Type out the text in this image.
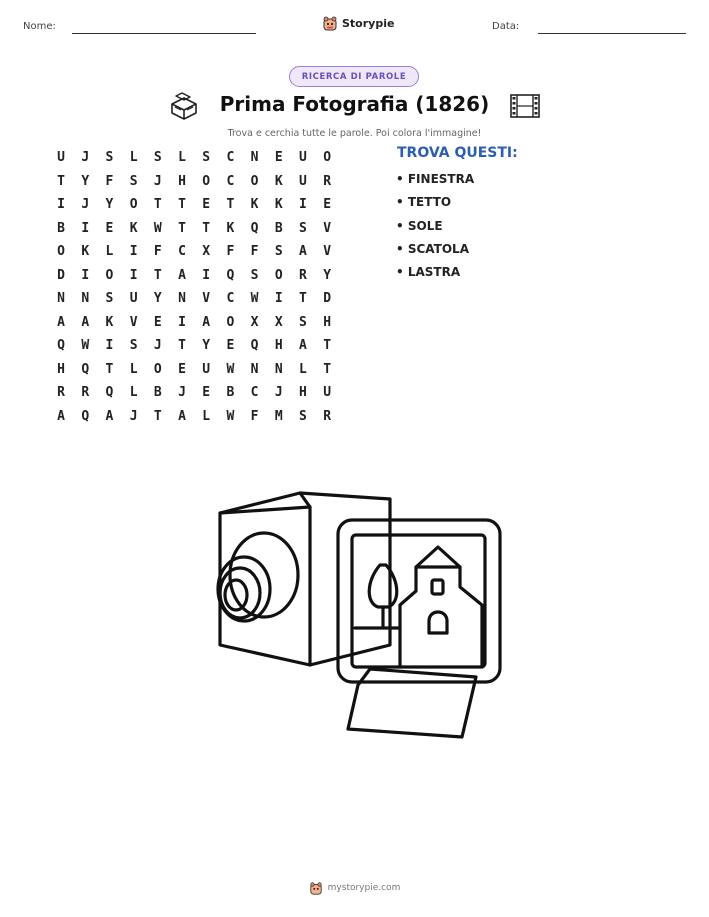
Nome:	Storypie	Data:
RICERCA DI PAROLE
Prima Fotografia (1826)
Trova e cerchia tutte le parole. Poi colora l'immagine!
U	J	S	L	S	L	S	C	N	E	U	O
T	Y	F	S	J	H	O	C	O	K	U	R
I	J	Y	O	T	T	E	T	K	K	I	E
B	I	E	K	W	T	T	K	Q	B	S	V
O	K	L	I	F	C	X	F	F	S	A	V
D	I	O	I	T	A	I	Q	S	O	R	Y
N	N	S	U	Y	N	V	C	W	I	T	D
A	A	K	V	E	I	A	O	X	X	S	H
Q	W	I	S	J	T	Y	E	Q	H	A	T
H	Q	T	L	O	E	U	W	N	N	L	T
R	R	Q	L	B	J	E	B	C	J	H	U
A	Q	A	J	T	A	L	W	F	M	S	R
TROVA QUESTI:
• FINESTRA
• TETTO
• SOLE
• SCATOLA
• LASTRA
mystorypie.com
